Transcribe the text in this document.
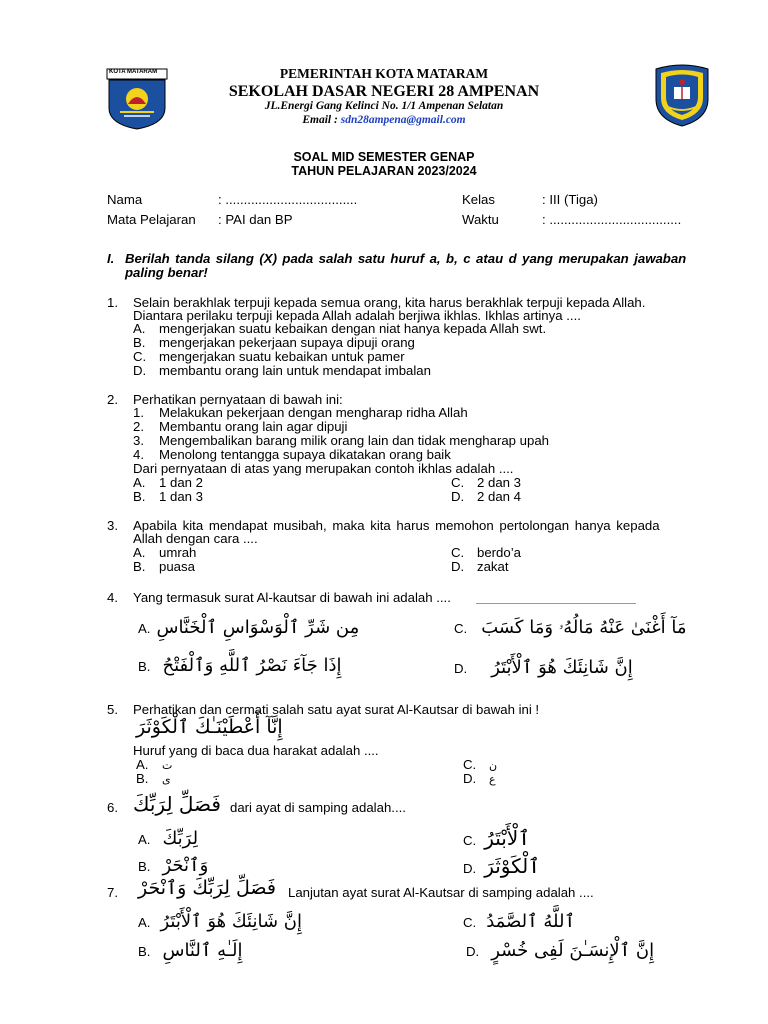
KOTA MATARAM	PEMERINTAH KOTA MATARAM
SEKOLAH DASAR NEGERI 28 AMPENAN
JL.Energi Gang Kelinci No. 1/1 Ampenan Selatan
Email : sdn28ampena@gmail.com
SOAL MID SEMESTER GENAP
TAHUN PELAJARAN 2023/2024
Nama	: ....................................	Kelas	: III (Tiga)
Mata Pelajaran : PAI dan BP	Waktu	: ....................................
I. Berilah tanda silang (X) pada salah satu huruf a, b, c atau d yang merupakan jawaban
paling benar!
1. Selain berakhlak terpuji kepada semua orang, kita harus berakhlak terpuji kepada Allah.
Diantara perilaku terpuji kepada Allah adalah berjiwa ikhlas. Ikhlas artinya ....
A. mengerjakan suatu kebaikan dengan niat hanya kepada Allah swt.
B. mengerjakan pekerjaan supaya dipuji orang
C. mengerjakan suatu kebaikan untuk pamer
D. membantu orang lain untuk mendapat imbalan
2. Perhatikan pernyataan di bawah ini:
1. Melakukan pekerjaan dengan mengharap ridha Allah
2. Membantu orang lain agar dipuji
3. Mengembalikan barang milik orang lain dan tidak mengharap upah
4. Menolong tentangga supaya dikatakan orang baik
Dari pernyataan di atas yang merupakan contoh ikhlas adalah ....
A. 1 dan 2
B. 1 dan 3
C. 2 dan 3
D. 2 dan 4
3. Apabila kita mendapat musibah, maka kita harus memohon pertolongan hanya kepada
Allah dengan cara ....
A. umrah
B. puasa
C. berdo’a
D. zakat
4. Yang termasuk surat Al-kautsar di bawah ini adalah ....
A. مِن شَرِّ ٱلْوَسْوَاسِ ٱلْخَنَّاسِ
B. إِذَا جَآءَ نَصْرُ ٱللَّهِ وَٱلْفَتْحُ
C. مَآ أَغْنَىٰ عَنْهُ مَالُهُۥ وَمَا كَسَبَ
D. إِنَّ شَانِئَكَ هُوَ ٱلْأَبْتَرُ
5. Perhatikan dan cermati salah satu ayat surat Al-Kautsar di bawah ini !
إِنَّآ أَعْطَيْنَـٰكَ ٱلْكَوْثَرَ
Huruf yang di baca dua harakat adalah ....
A. ت
B. ى
C. ن
D. ع
6. فَصَلِّ لِرَبِّكَ dari ayat di samping adalah....
A. لِرَبِّكَ
B. وَٱنْحَرْ
C. ٱلْأَبْتَرُ
D. ٱلْكَوْثَرَ
7. فَصَلِّ لِرَبِّكَ وَٱنْحَرْ Lanjutan ayat surat Al-Kautsar di samping adalah ....
A. إِنَّ شَانِئَكَ هُوَ ٱلْأَبْتَرُ
B. إِلَـٰهِ ٱلنَّاسِ
C. ٱللَّهُ ٱلصَّمَدُ
D. إِنَّ ٱلْإِنسَـٰنَ لَفِى خُسْرٍ
